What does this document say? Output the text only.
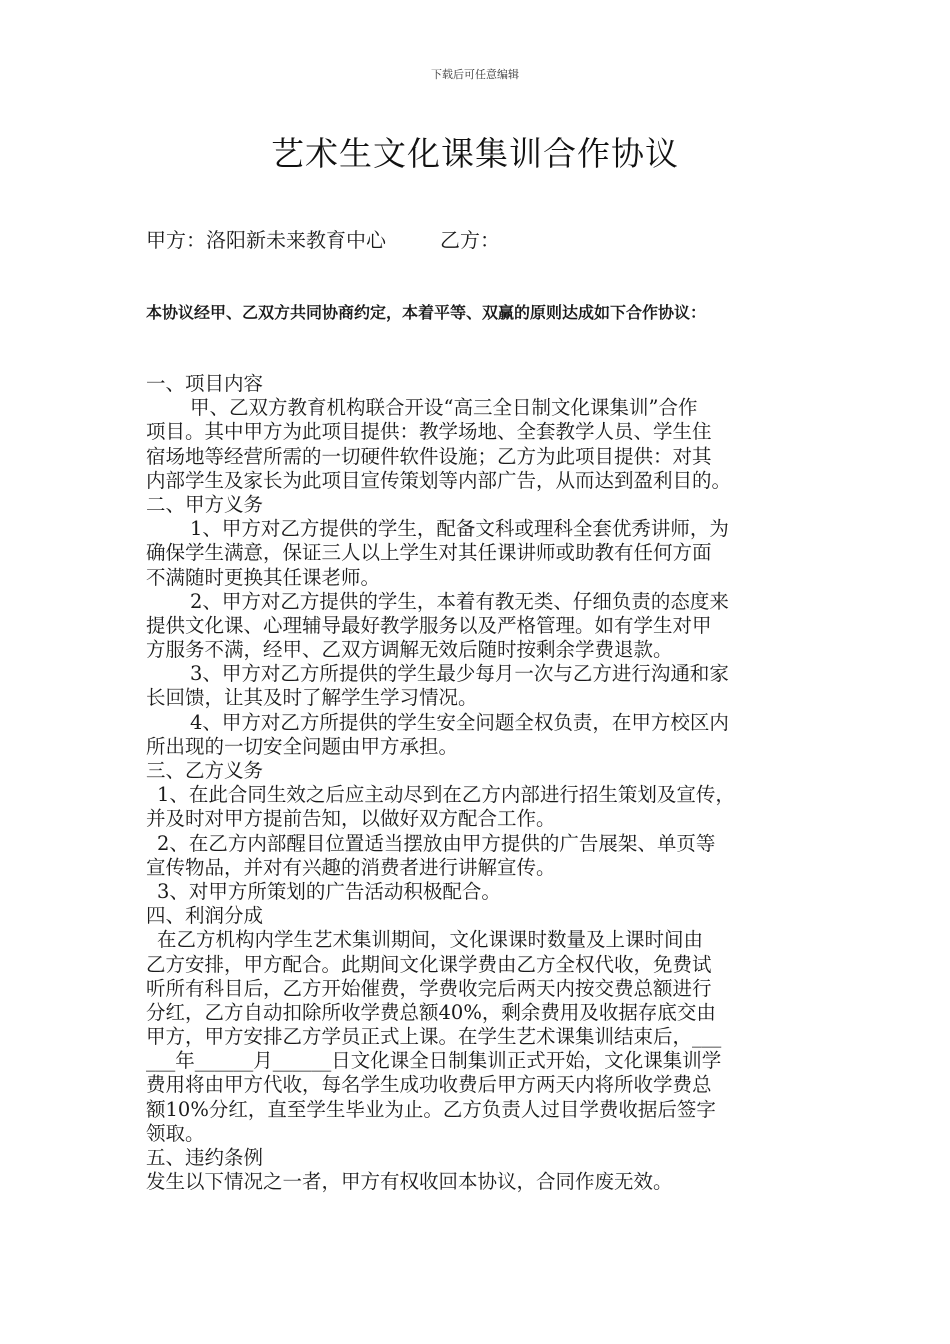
下载后可任意编辑
艺术生文化课集训合作协议
甲方：洛阳新未来教育中心	乙方：
本协议经甲、乙双方共同协商约定，本着平等、双赢的原则达成如下合作协议：
一、项目内容
甲、乙双方教育机构联合开设“高三全日制文化课集训”合作
项目。其中甲方为此项目提供：教学场地、全套教学人员、学生住
宿场地等经营所需的一切硬件软件设施；乙方为此项目提供：对其
内部学生及家长为此项目宣传策划等内部广告，从而达到盈利目的。
二、甲方义务
1、甲方对乙方提供的学生，配备文科或理科全套优秀讲师，为
确保学生满意，保证三人以上学生对其任课讲师或助教有任何方面
不满随时更换其任课老师。
2、甲方对乙方提供的学生，本着有教无类、仔细负责的态度来
提供文化课、心理辅导最好教学服务以及严格管理。如有学生对甲
方服务不满，经甲、乙双方调解无效后随时按剩余学费退款。
3、甲方对乙方所提供的学生最少每月一次与乙方进行沟通和家
长回馈，让其及时了解学生学习情况。
4、甲方对乙方所提供的学生安全问题全权负责，在甲方校区内
所出现的一切安全问题由甲方承担。
三、乙方义务
1、在此合同生效之后应主动尽到在乙方内部进行招生策划及宣传，
并及时对甲方提前告知，以做好双方配合工作。
2、在乙方内部醒目位置适当摆放由甲方提供的广告展架、单页等
宣传物品，并对有兴趣的消费者进行讲解宣传。
3、对甲方所策划的广告活动积极配合。
四、利润分成
在乙方机构内学生艺术集训期间，文化课课时数量及上课时间由
乙方安排，甲方配合。此期间文化课学费由乙方全权代收，免费试
听所有科目后，乙方开始催费，学费收完后两天内按交费总额进行
分红，乙方自动扣除所收学费总额40%，剩余费用及收据存底交由
甲方，甲方安排乙方学员正式上课。在学生艺术课集训结束后，___
___年______月______日文化课全日制集训正式开始，文化课集训学
费用将由甲方代收，每名学生成功收费后甲方两天内将所收学费总
额10%分红，直至学生毕业为止。乙方负责人过目学费收据后签字
领取。
五、违约条例
发生以下情况之一者，甲方有权收回本协议，合同作废无效。
